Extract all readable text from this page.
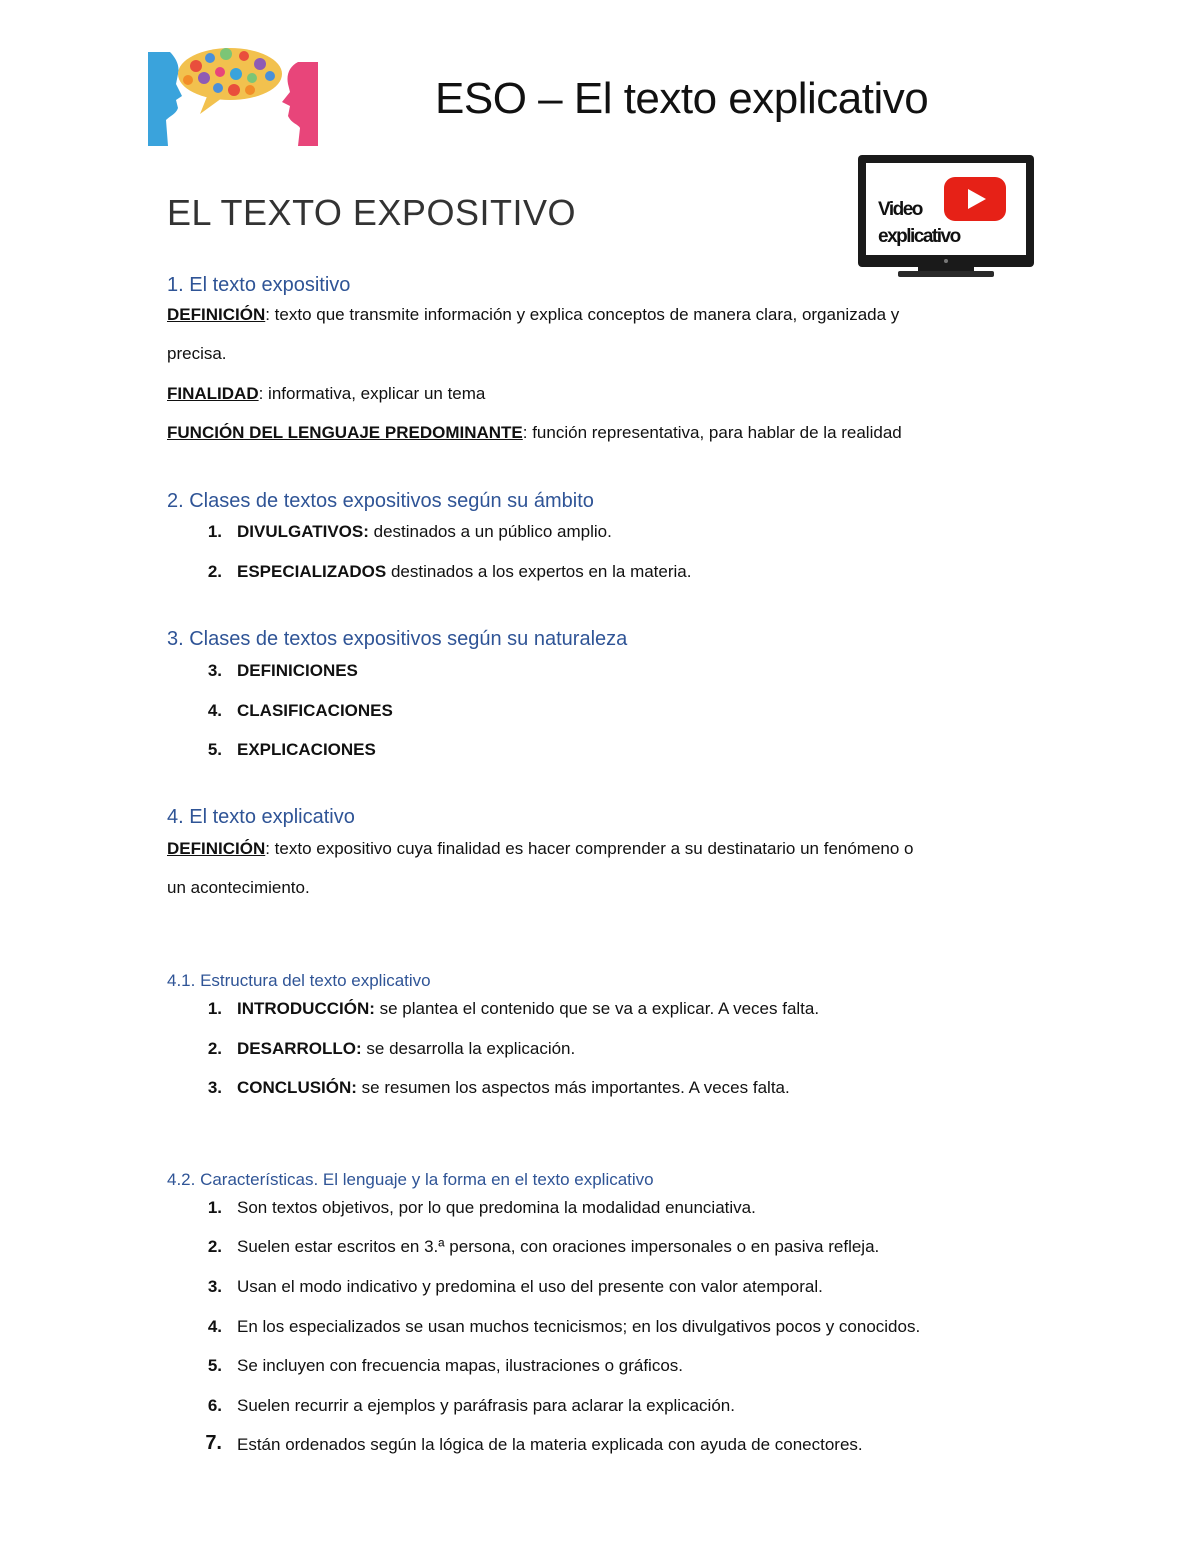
ESO – El texto explicativo
EL TEXTO EXPOSITIVO	Video
explicativo
1. El texto expositivo
DEFINICIÓN: texto que transmite información y explica conceptos de manera clara, organizada y
precisa.
FINALIDAD: informativa, explicar un tema
FUNCIÓN DEL LENGUAJE PREDOMINANTE: función representativa, para hablar de la realidad
2. Clases de textos expositivos según su ámbito
1. DIVULGATIVOS: destinados a un público amplio.
2. ESPECIALIZADOS destinados a los expertos en la materia.
3. Clases de textos expositivos según su naturaleza
3. DEFINICIONES
4. CLASIFICACIONES
5. EXPLICACIONES
4. El texto explicativo
DEFINICIÓN: texto expositivo cuya finalidad es hacer comprender a su destinatario un fenómeno o
un acontecimiento.
4.1. Estructura del texto explicativo
1. INTRODUCCIÓN: se plantea el contenido que se va a explicar. A veces falta.
2. DESARROLLO: se desarrolla la explicación.
3. CONCLUSIÓN: se resumen los aspectos más importantes. A veces falta.
4.2. Características. El lenguaje y la forma en el texto explicativo
1. Son textos objetivos, por lo que predomina la modalidad enunciativa.
2. Suelen estar escritos en 3.ª persona, con oraciones impersonales o en pasiva refleja.
3. Usan el modo indicativo y predomina el uso del presente con valor atemporal.
4. En los especializados se usan muchos tecnicismos; en los divulgativos pocos y conocidos.
5. Se incluyen con frecuencia mapas, ilustraciones o gráficos.
6. Suelen recurrir a ejemplos y paráfrasis para aclarar la explicación.
7. Están ordenados según la lógica de la materia explicada con ayuda de conectores.
